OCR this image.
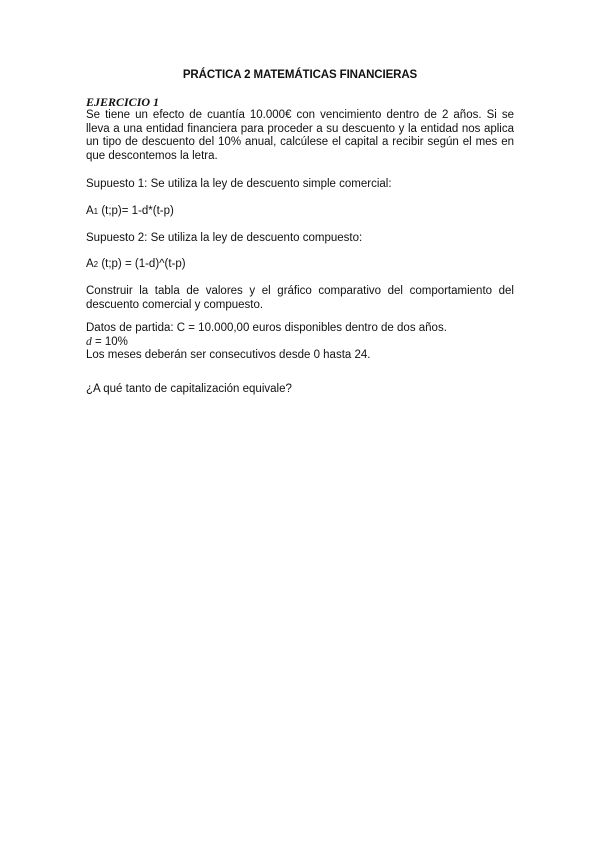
PRÁCTICA 2 MATEMÁTICAS FINANCIERAS

EJERCICIO 1

Se tiene un efecto de cuantía 10.000€ con vencimiento dentro de 2 años. Si se lleva a una entidad financiera para proceder a su descuento y la entidad nos aplica un tipo de descuento del 10% anual, calcúlese el capital a recibir según el mes en que descontemos la letra.

Supuesto 1: Se utiliza la ley de descuento simple comercial:

A1 (t;p)= 1-d*(t-p)

Supuesto 2: Se utiliza la ley de descuento compuesto:

A2 (t;p) = (1-d)^(t-p)

Construir la tabla de valores y el gráfico comparativo del comportamiento del descuento comercial y compuesto.

Datos de partida: C = 10.000,00 euros disponibles dentro de dos años.

d = 10%

Los meses deberán ser consecutivos desde 0 hasta 24.

¿A qué tanto de capitalización equivale?
